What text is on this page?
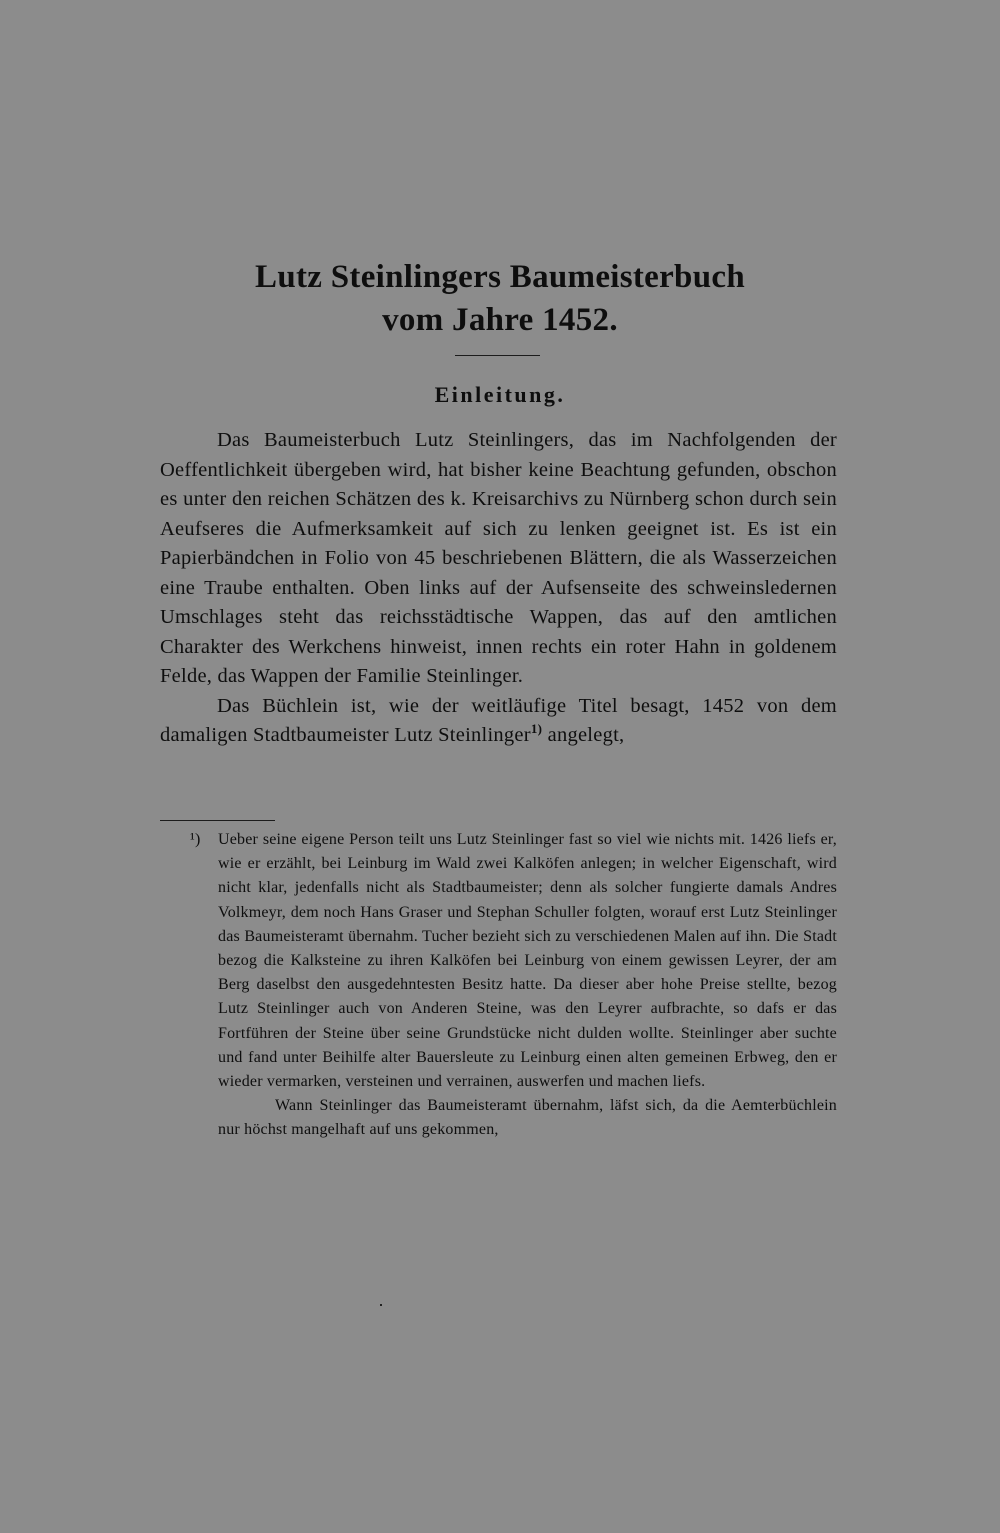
Lutz Steinlingers Baumeisterbuch
vom Jahre 1452.
Einleitung.

Das Baumeisterbuch Lutz Steinlingers, das im Nachfolgenden der Oeffentlichkeit übergeben wird, hat bisher keine Beachtung gefunden, obschon es unter den reichen Schätzen des k. Kreisarchivs zu Nürnberg schon durch sein Aeufseres die Aufmerksamkeit auf sich zu lenken geeignet ist. Es ist ein Papierbändchen in Folio von 45 beschriebenen Blättern, die als Wasserzeichen eine Traube enthalten. Oben links auf der Aufsenseite des schweinsledernen Umschlages steht das reichsstädtische Wappen, das auf den amtlichen Charakter des Werkchens hinweist, innen rechts ein roter Hahn in goldenem Felde, das Wappen der Familie Steinlinger.

Das Büchlein ist, wie der weitläufige Titel besagt, 1452 von dem damaligen Stadtbaumeister Lutz Steinlinger$^{1)}$ angelegt,

¹) Ueber seine eigene Person teilt uns Lutz Steinlinger fast so viel wie nichts mit. 1426 liefs er, wie er erzählt, bei Leinburg im Wald zwei Kalköfen anlegen; in welcher Eigenschaft, wird nicht klar, jedenfalls nicht als Stadtbaumeister; denn als solcher fungierte damals Andres Volkmeyr, dem noch Hans Graser und Stephan Schuller folgten, worauf erst Lutz Steinlinger das Baumeisteramt übernahm. Tucher bezieht sich zu verschiedenen Malen auf ihn. Die Stadt bezog die Kalksteine zu ihren Kalköfen bei Leinburg von einem gewissen Leyrer, der am Berg daselbst den ausgedehntesten Besitz hatte. Da dieser aber hohe Preise stellte, bezog Lutz Steinlinger auch von Anderen Steine, was den Leyrer aufbrachte, so dafs er das Fortführen der Steine über seine Grundstücke nicht dulden wollte. Steinlinger aber suchte und fand unter Beihilfe alter Bauersleute zu Leinburg einen alten gemeinen Erbweg, den er wieder vermarken, versteinen und verrainen, auswerfen und machen liefs.

Wann Steinlinger das Baumeisteramt übernahm, läfst sich, da die Aemterbüchlein nur höchst mangelhaft auf uns gekommen,
